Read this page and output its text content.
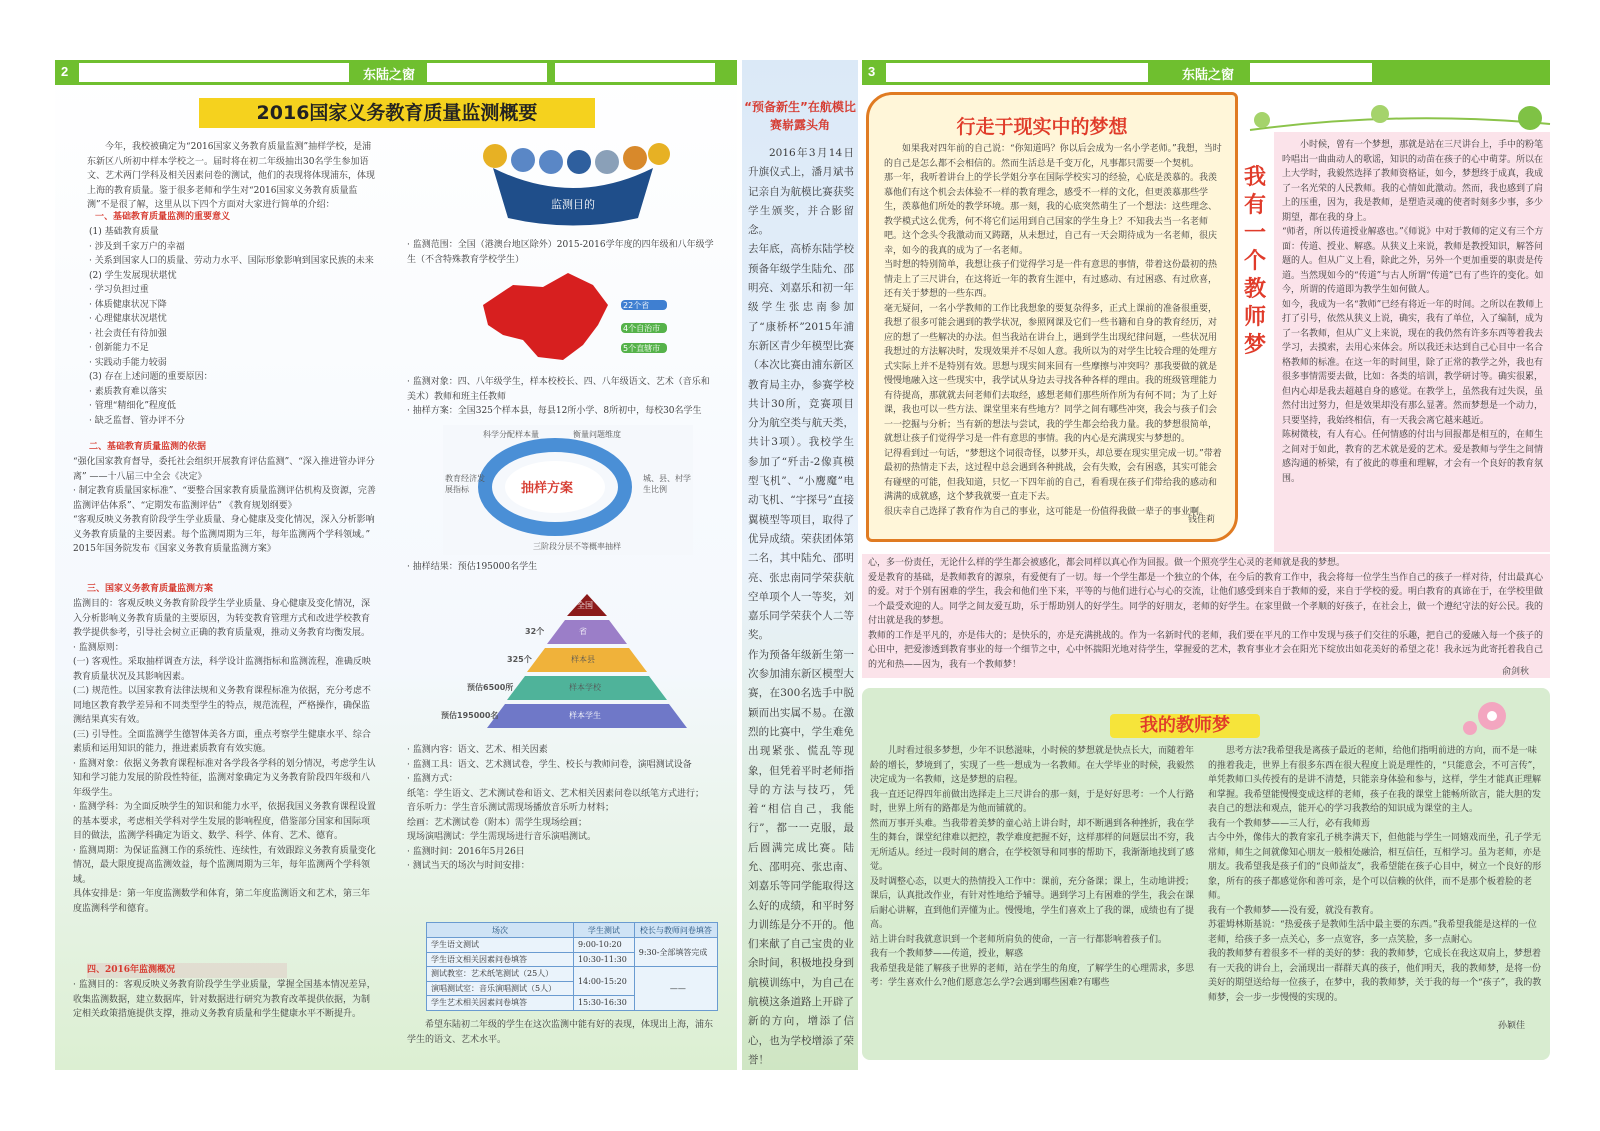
2	东陆之窗
2016国家义务教育质量监测概要
今年，我校被确定为“2016国家义务教育质量监测”抽样学校，是浦东新区八所初中样本学校之一。届时将在初二年级抽出30名学生参加语文、艺术两门学科及相关因素问卷的测试，他们的表现将体现浦东，体现上海的教育质量。鉴于很多老师和学生对“2016国家义务教育质量监测”不是很了解，这里从以下四个方面对大家进行简单的介绍：
一、基础教育质量监测的重要意义
(1) 基础教育质量
· 涉及到千家万户的幸福
· 关系到国家人口的质量、劳动力水平、国际形象影响到国家民族的未来
(2) 学生发展现状堪忧
· 学习负担过重
· 体质健康状况下降
· 心理健康状况堪忧
· 社会责任有待加强
· 创新能力不足
· 实践动手能力较弱
(3) 存在上述问题的重要原因：
· 素质教育难以落实
· 管理“精细化”程度低
· 缺乏监督、管办评不分
二、基础教育质量监测的依据
“强化国家教育督导，委托社会组织开展教育评估监测”、“深入推进管办评分离” ——十八届三中全会《决定》
· 制定教育质量国家标准”、“要整合国家教育质量监测评估机构及资源，完善监测评估体系”、“定期发布监测评估” 《教育规划纲要》
“客观反映义务教育阶段学生学业质量、身心健康及变化情况，深入分析影响义务教育质量的主要因素。每个监测周期为三年，每年监测两个学科领域。” 2015年国务院发布《国家义务教育质量监测方案》
三、国家义务教育质量监测方案
监测目的：客观反映义务教育阶段学生学业质量、身心健康及变化情况，深入分析影响义务教育质量的主要原因，为转变教育管理方式和改进学校教育教学提供参考，引导社会树立正确的教育质量观，推动义务教育均衡发展。
· 监测原则：
(一) 客观性。采取抽样调查方法，科学设计监测指标和监测流程，准确反映教育质量状况及其影响因素。
(二) 规范性。以国家教育法律法规和义务教育课程标准为依据，充分考虑不同地区教育教学差异和不同类型学生的特点，规范流程，严格操作，确保监测结果真实有效。
(三) 引导性。全面监测学生德智体美各方面，重点考察学生健康水平、综合素质和运用知识的能力，推进素质教育有效实施。
· 监测对象：依据义务教育课程标准对各学段各学科的划分情况，考虑学生认知和学习能力发展的阶段性特征，监测对象确定为义务教育阶段四年级和八年级学生。
· 监测学科：为全面反映学生的知识和能力水平，依据我国义务教育课程设置的基本要求，考虑相关学科对学生发展的影响程度，借鉴部分国家和国际项目的做法，监测学科确定为语文、数学、科学、体育、艺术、德育。
· 监测周期：为保证监测工作的系统性、连续性，有效跟踪义务教育质量变化情况，最大限度提高监测效益，每个监测周期为三年，每年监测两个学科领域。
具体安排是：第一年度监测数学和体育，第二年度监测语文和艺术，第三年度监测科学和德育。
四、2016年监测概况
· 监测目的：客观反映义务教育阶段学生学业质量，掌握全国基本情况差异，收集监测数据，建立数据库，针对数据进行研究为教育改革提供依据，为制定相关政策措施提供支撑，推动义务教育质量和学生健康水平不断提升。
监测目的
· 监测范围：全国（港澳台地区除外）2015-2016学年度的四年级和八年级学生（不含特殊教育学校学生）
22个省
4个自治市
5个直辖市
· 监测对象：四、八年级学生，样本校校长、四、八年级语文、艺术（音乐和美术）教师和班主任教师
· 抽样方案：全国325个样本县，每县12所小学、8所初中，每校30名学生
抽样方案
科学分配样本量	衡量问题维度
城、县、村学生比例
教育经济发展指标
三阶段分层不等概率抽样
· 抽样结果：预估195000名学生
全国
省
样本县
样本学校
样本学生
32个
325个
预估6500所
预估195000名
· 监测内容：语文、艺术、相关因素
· 监测工具：语文、艺术测试卷，学生、校长与教师问卷，演唱测试设备
· 监测方式：
纸笔：学生语文、艺术测试卷和语文、艺术相关因素问卷以纸笔方式进行；
音乐听力：学生音乐测试需现场播放音乐听力材料；
绘画：艺术测试卷（附本）需学生现场绘画；
现场演唱测试：学生需现场进行音乐演唱测试。
· 监测时间：2016年5月26日
· 测试当天的场次与时间安排：
场次	学生测试	校长与教师问卷填答
学生语文测试	9:00-10:20	9:30-全部填答完成
学生语文相关因素问卷填答	10:30-11:30	
测试教室：艺术纸笔测试（25人）	14:00-15:20	——
演唱测试室：音乐演唱测试（5人）		
学生艺术相关因素问卷填答	15:30-16:30	
希望东陆初二年级的学生在这次监测中能有好的表现，体现出上海，浦东学生的语文、艺术水平。
“预备新生”在航模比赛崭露头角
2016年3月14日升旗仪式上，潘月斌书记亲自为航模比赛获奖学生颁奖，并合影留念。
去年底，高桥东陆学校预备年级学生陆允、邵明亮、刘嘉乐和初一年级学生张忠南参加了“康桥杯”2015年浦东新区青少年模型比赛（本次比赛由浦东新区教育局主办，参赛学校共计30所，竞赛项目分为航空类与航天类，共计3项）。我校学生参加了“歼击-2像真模型飞机”、“小鹰魔”电动飞机、“宇探号”直接翼模型等项目，取得了优异成绩。荣获团体第二名，其中陆允、邵明亮、张忠南同学荣获航空单项个人一等奖，刘嘉乐同学荣获个人二等奖。
作为预备年级新生第一次参加浦东新区模型大赛，在300名选手中脱颖而出实属不易。在激烈的比赛中，学生难免出现紧张、慌乱等现象，但凭着平时老师指导的方法与技巧，凭着“相信自己，我能行”，都一一克服，最后圆满完成比赛。陆允、邵明亮、张忠南、刘嘉乐等同学能取得这么好的成绩，和平时努力训练是分不开的。他们来献了自己宝贵的业余时间，积极地投身到航模训练中，为自己在航模这条道路上开辟了新的方向，增添了信心，也为学校增添了荣誉！
3	东陆之窗
行走于现实中的梦想
如果我对四年前的自己说：“你知道吗？你以后会成为一名小学老师。”我想，当时的自己是怎么都不会相信的。然而生活总是千变万化，凡事都只需要一个契机。
那一年，我听着讲台上的学长学姐分享在国际学校实习的经验，心底是羡慕的。我羡慕他们有这个机会去体验不一样的教育理念，感受不一样的文化，但更羡慕那些学生，羡慕他们所处的教学环境。那一刻，我的心底突然萌生了一个想法：这些理念、教学模式这么优秀，何不将它们运用到自己国家的学生身上？不知我去当一名老师吧。这个念头令我激动而又踌躇，从未想过，自己有一天会期待成为一名老师，很庆幸，如今的我真的成为了一名老师。
当时想的特别简单，我想让孩子们觉得学习是一件有意思的事情，带着这份最初的热情走上了三尺讲台，在这将近一年的教育生涯中，有过感动、有过困惑、有过欣喜，还有关于梦想的一些东西。
毫无疑问，一名小学教师的工作比我想象的要复杂得多，正式上课前的准备很重要，我想了很多可能会遇到的教学状况，参照网课及它们一些书籍和自身的教育经历，对应的想了一些解决的办法。但当我站在讲台上，遇到学生出现纪律问题，一些状况用我想过的方法解决时，发现效果并不尽如人意。我所以为的对学生比较合理的处理方式实际上并不是特别有效。思想与现实间来回有一些摩擦与冲突吗？那我要做的就是慢慢地融入这一些现实中，我学试从身边去寻找各种各样的理由。我的班级管理能力有待提高，那就就去问老师们去取经，感想老师们那些所作所为有何不同；为了上好课，我也可以一些方法、课堂里来有些地方？同学之间有哪些冲突，我会与孩子们会一一挖掘与分析；当有新的想法与尝试，我的学生都会给我力量。我的梦想很简单，就想让孩子们觉得学习是一件有意思的事情。我的内心是充满现实与梦想的。
记得看到过一句话，“梦想这个词很奇怪，以梦开头，却总要在现实里完成一切。”带着最初的热情走下去，这过程中总会遇到各种挑战，会有失败，会有困惑，其实可能会有碰壁的可能，但我知道，只忆一下四年前的自己，看看现在孩子们带给我的感动和满满的成就感，这个梦我就要一直走下去。
很庆幸自己选择了教育作为自己的事业，这可能是一份值得我做一辈子的事业啊。
钱佳莉
我有一个教师梦
小时候，曾有一个梦想，那就是站在三尺讲台上，手中的粉笔吟唱出一曲曲动人的歌谣，知识的动苗在孩子的心中萌芽。所以在上大学时，我毅然选择了教师资格证，如今，梦想终于成真，我成了一名光荣的人民教师。我的心情如此激动。然而，我也感到了肩上的压重，因为，我是教师，是塑造灵魂的使者时刻多少事，多少期望，都在我的身上。
“师者，所以传道授业解惑也。”《师说》中对于教师的定义有三个方面：传道、授业、解惑。从狭义上来说，教师是教授知识，解答问题的人。但从广义上看，除此之外，另外一个更加重要的职责是传道。当然现如今的“传道”与古人所谓“传道”已有了些许的变化。如今，所谓的传道即为教学生如何做人。
如今，我成为一名“教师”已经有将近一年的时间。之所以在教师上打了引号，依然从狭义上说，确实，我有了单位，入了编制，成为了一名教师，但从广义上来说，现在的我仍然有许多东西等着我去学习，去摸索，去用心来体会。所以我还未达到自己心目中一名合格教师的标准。在这一年的时间里，除了正常的教学之外，我也有很多事情需要去做，比如：各类的培训，教学研讨等。确实很累，但内心却是我去超越自身的感觉。在教学上，虽然我有过失误，虽然付出过努力，但是效果却没有那么显著。然而梦想是一个动力，只要坚持，我始终相信，有一天我会离它越来越近。
陈树微枝，有人有心。任何情感的付出与回报都是相互的，在师生之间对于如此，教育的艺术就是爱的艺术。爱是教师与学生之间情感沟通的桥梁，有了彼此的尊重和理解，才会有一个良好的教育氛围。
心，多一份责任，无论什么样的学生都会被感化，都会同样以真心作为回报。做一个照亮学生心灵的老师就是我的梦想。
爱是教育的基础，是教师教育的源泉，有爱便有了一切。每一个学生都是一个独立的个体，在今后的教育工作中，我会将每一位学生当作自己的孩子一样对待，付出最真心的爱。对于个别有困难的学生，我会和他们坐下来，平等的与他们进行心与心的交流，让他们感受到来自于教师的爱，来自于学校的爱。明白教育的真谛在于，在学校里做一个最受欢迎的人。同学之间友爱互助，乐于帮助别人的好学生。同学的好朋友，老师的好学生。在家里做一个孝顺的好孩子，在社会上，做一个遵纪守法的好公民。我的付出就是我的梦想。
教师的工作是平凡的，亦是伟大的；是快乐的，亦是充满挑战的。作为一名新时代的老师，我们要在平凡的工作中发现与孩子们交往的乐趣，把自己的爱融入每一个孩子的心田中，把爱渗透到教育事业的每一个细节之中，心中怀揣阳光地对待学生，掌握爱的艺术，教育事业才会在阳光下绽放出如花美好的希望之花！我永远为此寄托着我自己的光和热——因为，我有一个教师梦！
俞剑秋
我的教师梦
儿时看过很多梦想，少年不识愁滋味，小时候的梦想就是快点长大，而随着年龄的增长，梦境到了，实现了一些一想成为一名教师。在大学毕业的时候，我毅然决定成为一名教师，这是梦想的启程。
我一直还记得四年前做出选择走上三尺讲台的那一刻，于是好好思考：一个人行路时，世界上所有的路都是为他而铺就的。
然而万事开头难。当我带着美梦的童心站上讲台时，却不断遇到各种挫折，我在学生的舞台，课堂纪律难以把控，教学难度把握不好，这样那样的问题层出不穷，我无所适从。经过一段时间的磨合，在学校领导和同事的帮助下，我渐渐地找到了感觉。
及时调整心态，以更大的热情投入工作中：课前，充分备课；课上，生动地讲授；课后，认真批改作业，有针对性地给予辅导。遇到学习上有困难的学生，我会在课后耐心讲解，直到他们弄懂为止。慢慢地，学生们喜欢上了我的课，成绩也有了提高。
站上讲台时我就意识到一个老师所肩负的使命，一言一行都影响着孩子们。
我有一个教师梦——传道，授业，解惑
我希望我是能了解孩子世界的老师，站在学生的角度，了解学生的心理需求，多思考：学生喜欢什么?他们愿意怎么学?会遇到哪些困难?有哪些
思考方法?我希望我是离孩子最近的老师，给他们指明前进的方向，而不是一味的推着我走，世界上有很多东西在很大程度上说是理性的，“只能意会，不可言传”，单凭教师口头传授有的是讲不清楚，只能亲身体验和参与，这样，学生才能真正理解和掌握。我希望能慢慢变成这样的老师，孩子在我的课堂上能畅所欲言，能大胆的发表自己的想法和观点，能开心的学习我教给的知识成为课堂的主人。
我有一个教师梦——三人行，必有我师焉
古今中外，像伟大的教育家孔子桃李满天下，但他能与学生一同嬉戏而坐，孔子学无常师，师生之间就像知心朋友一般相处融洽，相互信任，互相学习。虽为老师，亦是朋友。我希望我是孩子们的“良师益友”，我希望能在孩子心目中，树立一个良好的形象，所有的孩子都感觉你和善可亲，是个可以信赖的伙伴，而不是那个板着脸的老师。
我有一个教师梦——没有爱，就没有教育。
苏霍姆林斯基说：“热爱孩子是教师生活中最主要的东西。”我希望我能是这样的一位老师，给孩子多一点关心，多一点宽容，多一点笑脸，多一点耐心。
我的教师梦有着很多不一样的美好的梦：我的教师梦，它成长在我这双肩上，梦想着有一天我的讲台上，会涌现出一群群天真的孩子，他们明天，我的教师梦，是将一份美好的期望送给每一位孩子，在梦中，我的教师梦，关于我的每一个“孩子”，我的教师梦，会一步一步慢慢的实现的。
孙颖佳
